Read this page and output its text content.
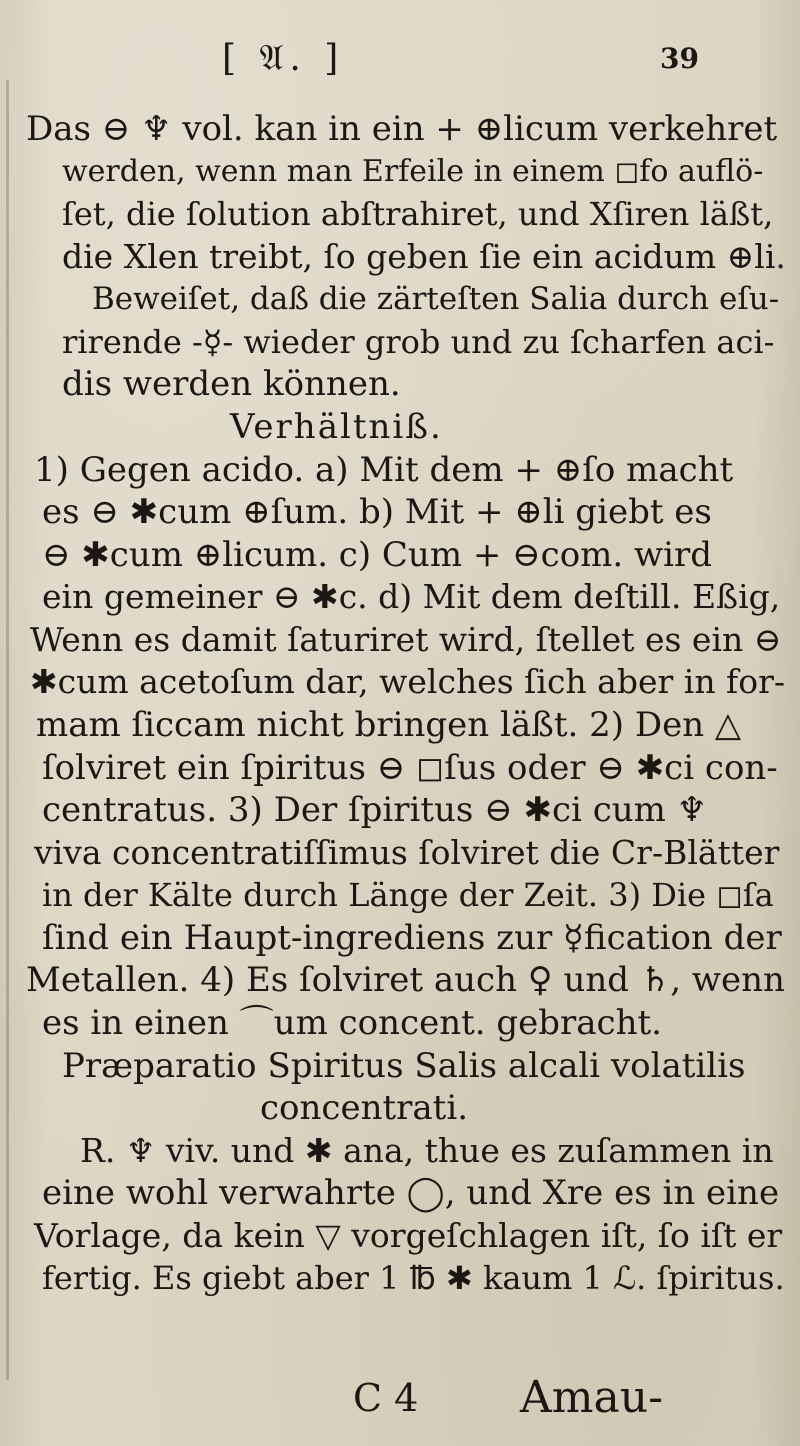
[ 𝔄. ]	39
Das ⊖ ♆ vol. kan in ein + ⊕licum verkehret
werden, wenn man Erfeile in einem ◻fo auflö-
ſet, die ſolution abſtrahiret, und Xſiren läßt,
die Xlen treibt, ſo geben ſie ein acidum ⊕li.
Beweiſet, daß die zärteſten Salia durch eſu-
rirende -☿- wieder grob und zu ſcharfen aci-
dis werden können.
Verhältniß.
1) Gegen acido. a) Mit dem + ⊕ſo macht
es ⊖ ✱cum ⊕ſum. b) Mit + ⊕li giebt es
⊖ ✱cum ⊕licum. c) Cum + ⊖com. wird
ein gemeiner ⊖ ✱c. d) Mit dem deſtill. Eßig,
Wenn es damit ſaturiret wird, ſtellet es ein ⊖
✱cum acetoſum dar, welches ſich aber in for-
mam ſiccam nicht bringen läßt. 2) Den △
ſolviret ein ſpiritus ⊖ ◻ſus oder ⊖ ✱ci con-
centratus. 3) Der ſpiritus ⊖ ✱ci cum ♆
viva concentratiſſimus ſolviret die Cr-Blätter
in der Kälte durch Länge der Zeit. 3) Die ◻ſa
ſind ein Haupt-ingrediens zur ☿fication der
Metallen. 4) Es ſolviret auch ♀ und ♄, wenn
es in einen ⌒um concent. gebracht.
Præparatio Spiritus Salis alcali volatilis
concentrati.
R. ♆ viv. und ✱ ana, thue es zuſammen in
eine wohl verwahrte ◯, und Xre es in eine
Vorlage, da kein ▽ vorgeſchlagen iſt, ſo iſt er
fertig. Es giebt aber 1 ℔ ✱ kaum 1 ℒ. ſpiritus.
C 4 Amau-
